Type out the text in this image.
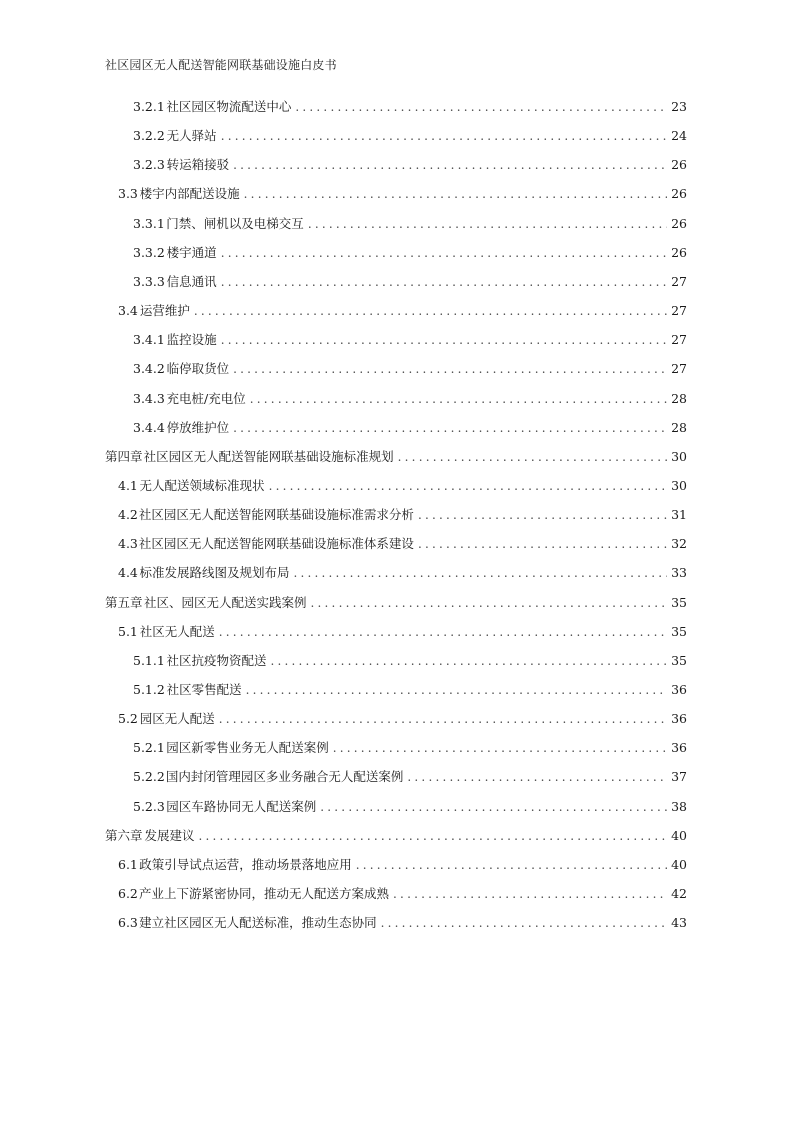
社区园区无人配送智能网联基础设施白皮书
3.2.1 社区园区物流配送中心 .....	23
3.2.2 无人驿站 .....	24
3.2.3 转运箱接驳 .....	26
3.3 楼宇内部配送设施 .....	26
3.3.1 门禁、闸机以及电梯交互 .....	26
3.3.2 楼宇通道 .....	26
3.3.3 信息通讯 .....	27
3.4 运营维护 .....	27
3.4.1 监控设施 .....	27
3.4.2 临停取货位 .....	27
3.4.3 充电桩/充电位 .....	28
3.4.4 停放维护位 .....	28
第四章 社区园区无人配送智能网联基础设施标准规划 .....	30
4.1 无人配送领域标准现状 .....	30
4.2 社区园区无人配送智能网联基础设施标准需求分析 .....	31
4.3 社区园区无人配送智能网联基础设施标准体系建设 .....	32
4.4 标准发展路线图及规划布局 .....	33
第五章 社区、园区无人配送实践案例 .....	35
5.1 社区无人配送 .....	35
5.1.1 社区抗疫物资配送 .....	35
5.1.2 社区零售配送 .....	36
5.2 园区无人配送 .....	36
5.2.1 园区新零售业务无人配送案例 .....	36
5.2.2 国内封闭管理园区多业务融合无人配送案例 .....	37
5.2.3 园区车路协同无人配送案例 .....	38
第六章 发展建议 .....	40
6.1 政策引导试点运营，推动场景落地应用 .....	40
6.2 产业上下游紧密协同，推动无人配送方案成熟 .....	42
6.3 建立社区园区无人配送标准，推动生态协同 .....	43
